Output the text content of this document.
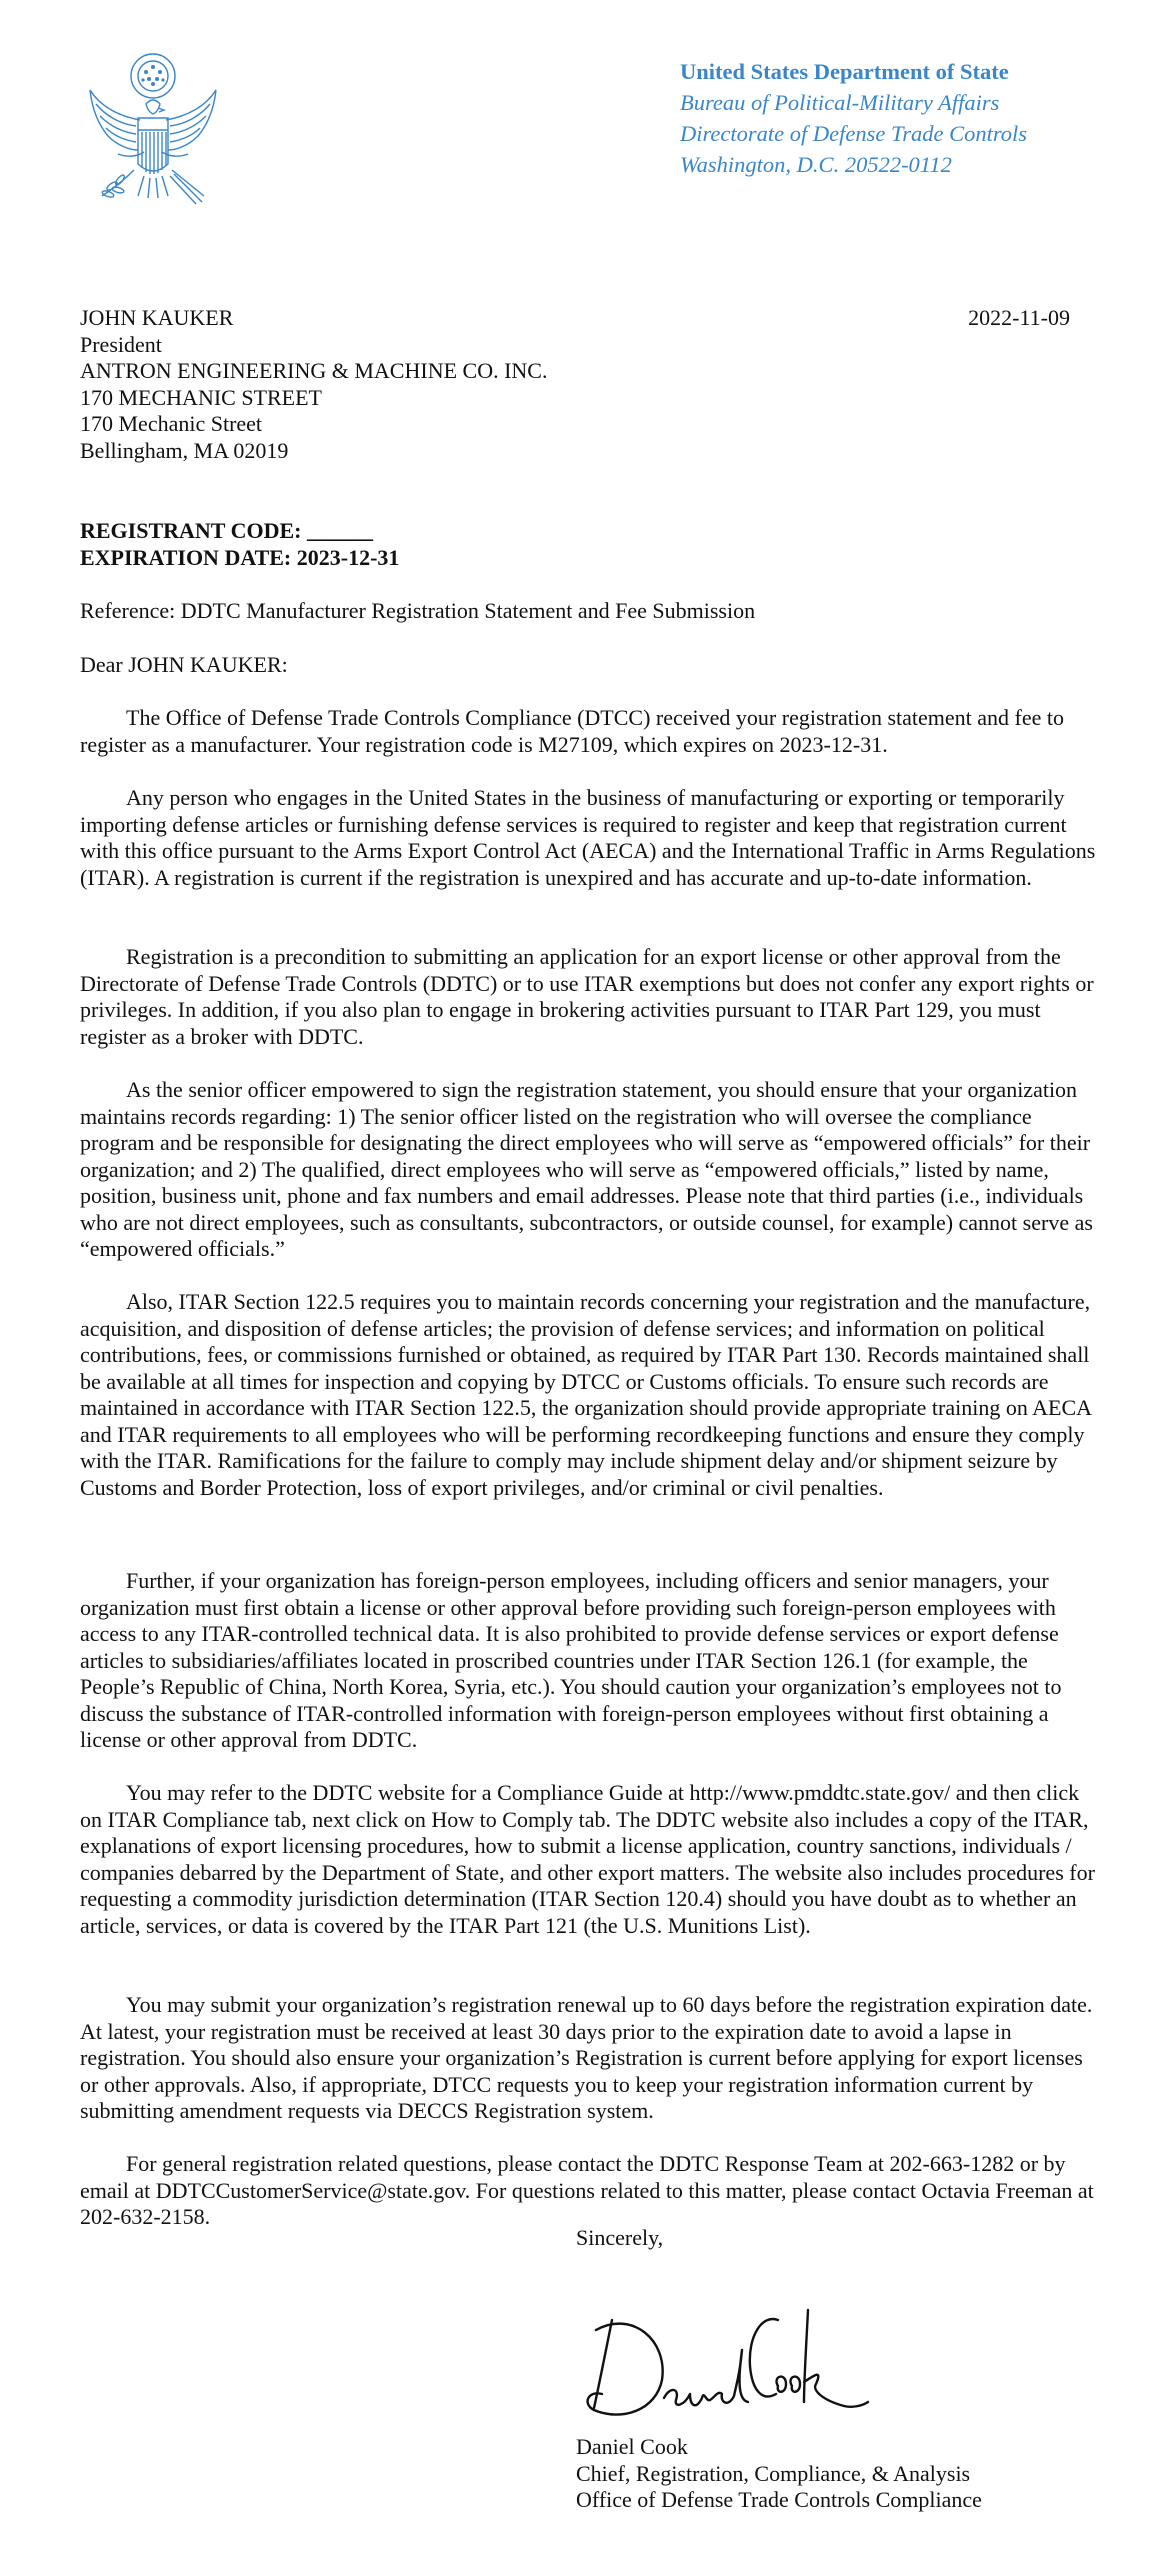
United States Department of State
Bureau of Political-Military Affairs
Directorate of Defense Trade Controls
Washington, D.C. 20522-0112
2022-11-09
JOHN KAUKER
President
ANTRON ENGINEERING & MACHINE CO. INC.
170 MECHANIC STREET
170 Mechanic Street
Bellingham, MA 02019
REGISTRANT CODE: ______
EXPIRATION DATE: 2023-12-31
Reference: DDTC Manufacturer Registration Statement and Fee Submission
Dear JOHN KAUKER:

The Office of Defense Trade Controls Compliance (DTCC) received your registration statement and fee to register as a manufacturer. Your registration code is M27109, which expires on 2023-12-31.

Any person who engages in the United States in the business of manufacturing or exporting or temporarily importing defense articles or furnishing defense services is required to register and keep that registration current with this office pursuant to the Arms Export Control Act (AECA) and the International Traffic in Arms Regulations (ITAR). A registration is current if the registration is unexpired and has accurate and up-to-date information.

Registration is a precondition to submitting an application for an export license or other approval from the Directorate of Defense Trade Controls (DDTC) or to use ITAR exemptions but does not confer any export rights or privileges. In addition, if you also plan to engage in brokering activities pursuant to ITAR Part 129, you must register as a broker with DDTC.

As the senior officer empowered to sign the registration statement, you should ensure that your organization maintains records regarding: 1) The senior officer listed on the registration who will oversee the compliance program and be responsible for designating the direct employees who will serve as “empowered officials” for their organization; and 2) The qualified, direct employees who will serve as “empowered officials,” listed by name, position, business unit, phone and fax numbers and email addresses. Please note that third parties (i.e., individuals who are not direct employees, such as consultants, subcontractors, or outside counsel, for example) cannot serve as “empowered officials.”

Also, ITAR Section 122.5 requires you to maintain records concerning your registration and the manufacture, acquisition, and disposition of defense articles; the provision of defense services; and information on political contributions, fees, or commissions furnished or obtained, as required by ITAR Part 130. Records maintained shall be available at all times for inspection and copying by DTCC or Customs officials. To ensure such records are maintained in accordance with ITAR Section 122.5, the organization should provide appropriate training on AECA and ITAR requirements to all employees who will be performing recordkeeping functions and ensure they comply with the ITAR. Ramifications for the failure to comply may include shipment delay and/or shipment seizure by Customs and Border Protection, loss of export privileges, and/or criminal or civil penalties.

Further, if your organization has foreign-person employees, including officers and senior managers, your organization must first obtain a license or other approval before providing such foreign-person employees with access to any ITAR-controlled technical data. It is also prohibited to provide defense services or export defense articles to subsidiaries/affiliates located in proscribed countries under ITAR Section 126.1 (for example, the People’s Republic of China, North Korea, Syria, etc.). You should caution your organization’s employees not to discuss the substance of ITAR-controlled information with foreign-person employees without first obtaining a license or other approval from DDTC.

You may refer to the DDTC website for a Compliance Guide at http://www.pmddtc.state.gov/ and then click on ITAR Compliance tab, next click on How to Comply tab. The DDTC website also includes a copy of the ITAR, explanations of export licensing procedures, how to submit a license application, country sanctions, individuals / companies debarred by the Department of State, and other export matters. The website also includes procedures for requesting a commodity jurisdiction determination (ITAR Section 120.4) should you have doubt as to whether an article, services, or data is covered by the ITAR Part 121 (the U.S. Munitions List).

You may submit your organization’s registration renewal up to 60 days before the registration expiration date. At latest, your registration must be received at least 30 days prior to the expiration date to avoid a lapse in registration. You should also ensure your organization’s Registration is current before applying for export licenses or other approvals. Also, if appropriate, DTCC requests you to keep your registration information current by submitting amendment requests via DECCS Registration system.

For general registration related questions, please contact the DDTC Response Team at 202-663-1282 or by email at DDTCCustomerService@state.gov. For questions related to this matter, please contact Octavia Freeman at 202-632-2158.

Sincerely,
Daniel Cook
Chief, Registration, Compliance, & Analysis
Office of Defense Trade Controls Compliance
